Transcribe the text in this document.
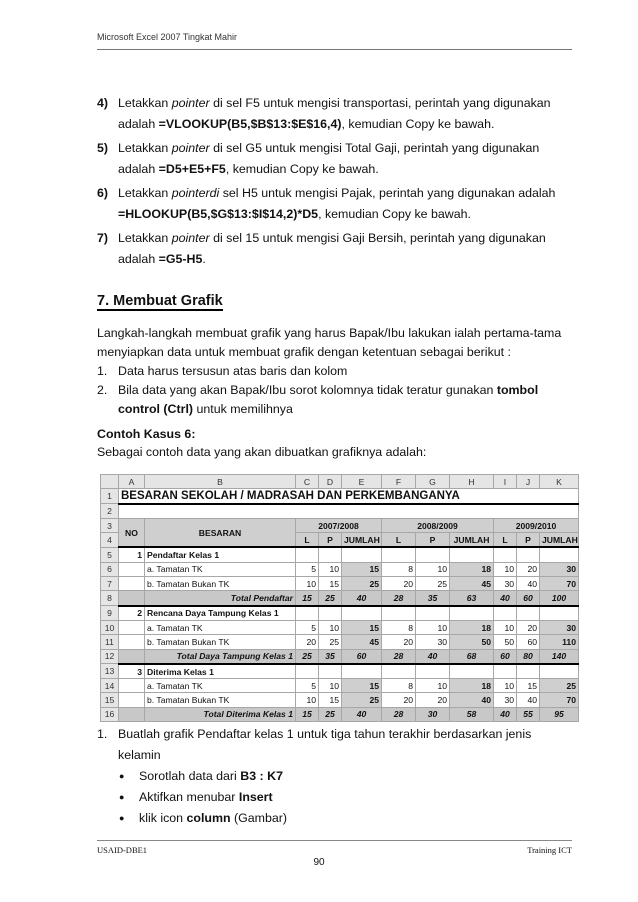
Microsoft Excel 2007 Tingkat Mahir
4) Letakkan pointer di sel F5 untuk mengisi transportasi, perintah yang digunakan adalah =VLOOKUP(B5,$B$13:$E$16,4), kemudian Copy ke bawah.
5) Letakkan pointer di sel G5 untuk mengisi Total Gaji, perintah yang digunakan adalah =D5+E5+F5, kemudian Copy ke bawah.
6) Letakkan pointerdi sel H5 untuk mengisi Pajak, perintah yang digunakan adalah =HLOOKUP(B5,$G$13:$I$14,2)*D5, kemudian Copy ke bawah.
7) Letakkan pointer di sel 15 untuk mengisi Gaji Bersih, perintah yang digunakan adalah =G5-H5.
7. Membuat Grafik

Langkah-langkah membuat grafik yang harus Bapak/Ibu lakukan ialah pertama-tama menyiapkan data untuk membuat grafik dengan ketentuan sebagai berikut :

1. Data harus tersusun atas baris dan kolom
2. Bila data yang akan Bapak/Ibu sorot kolomnya tidak teratur gunakan tombol control (Ctrl) untuk memilihnya
Contoh Kasus 6:
Sebagai contoh data yang akan dibuatkan grafiknya adalah:
	A	B	C	D	E	F	G	H	I	J	K
1	BESARAN SEKOLAH / MADRASAH DAN PERKEMBANGANYA										
2											
3	NO	BESARAN	2007/2008			2008/2009			2009/2010		
4			L	P	JUMLAH	L	P	JUMLAH	L	P	JUMLAH
5	1	Pendaftar Kelas 1									
6		a. Tamatan TK	5	10	15	8	10	18	10	20	30
7		b. Tamatan Bukan TK	10	15	25	20	25	45	30	40	70
8		Total Pendaftar	15	25	40	28	35	63	40	60	100
9	2	Rencana Daya Tampung Kelas 1									
10		a. Tamatan TK	5	10	15	8	10	18	10	20	30
11		b. Tamatan Bukan TK	20	25	45	20	30	50	50	60	110
12		Total Daya Tampung Kelas 1	25	35	60	28	40	68	60	80	140
13	3	Diterima Kelas 1									
14		a. Tamatan TK	5	10	15	8	10	18	10	15	25
15		b. Tamatan Bukan TK	10	15	25	20	20	40	30	40	70
16		Total Diterima Kelas 1	15	25	40	28	30	58	40	55	95
1. Buatlah grafik Pendaftar kelas 1 untuk tiga tahun terakhir berdasarkan jenis kelamin
●	Sorotlah data dari B3 : K7
●	Aktifkan menubar Insert
●	klik icon column (Gambar)
USAID-DBE1	Training ICT
90
